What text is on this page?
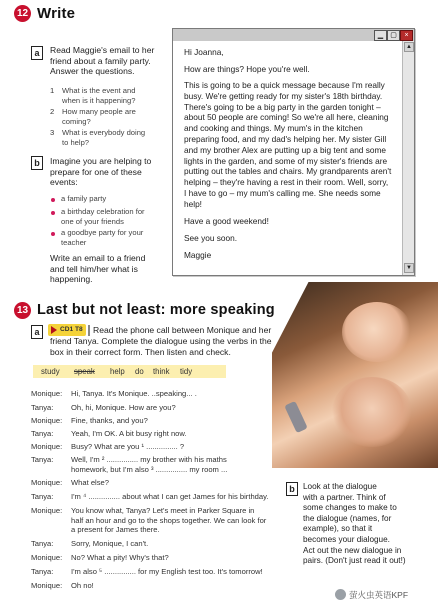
12 Write
a	Read Maggie's email to her
friend about a family party.
Answer the questions.
1 What is the event and
when is it happening?
2 How many people are
coming?
3 What is everybody doing
to help?
b	Imagine you are helping to
prepare for one of these
events:
a family party
a birthday celebration for
one of your friends
a goodbye party for your
teacher
Write an email to a friend
and tell him/her what is
happening.
▁	▢	×
Hi Joanna,
How are things? Hope you're well.
This is going to be a quick message because I'm really
busy. We're getting ready for my sister's 18th birthday.
There's going to be a big party in the garden tonight –
about 50 people are coming! So we're all here, cleaning
and cooking and things. My mum's in the kitchen
preparing food, and my dad's helping her. My sister Gill
and my brother Alex are putting up a big tent and some
lights in the garden, and some of my sister's friends are
putting out the tables and chairs. My grandparents aren't
helping – they're having a rest in their room. Well, sorry,
I have to go – my mum's calling me. She needs some
help!
Have a good weekend!
See you soon.
Maggie
▲
▼
13 Last but not least: more speaking
a	CD1 T8 Read the phone call between Monique and her
friend Tanya. Complete the dialogue using the verbs in the
box in their correct form. Then listen and check.
study speak help do think tidy
Monique: Hi, Tanya. It's Monique. ..speaking... .
Tanya: Oh, hi, Monique. How are you?
Monique: Fine, thanks, and you?
Tanya: Yeah, I'm OK. A bit busy right now.
Monique: Busy? What are you ¹ ............... ?
Tanya: Well, I'm ² ............... my brother with his maths
homework, but I'm also ³ ............... my room ...
Monique: What else?
Tanya: I'm ⁴ ............... about what I can get James for his birthday.
Monique: You know what, Tanya? Let's meet in Parker Square in
half an hour and go to the shops together. We can look for
a present for James there.
Tanya: Sorry, Monique, I can't.
Monique: No? What a pity! Why's that?
Tanya: I'm also ⁵ ............... for my English test too. It's tomorrow!
Monique: Oh no!
b	Look at the dialogue
with a partner. Think of
some changes to make to
the dialogue (names, for
example), so that it
becomes your dialogue.
Act out the new dialogue in
pairs. (Don't just read it out!)
萤火虫英语KPF
